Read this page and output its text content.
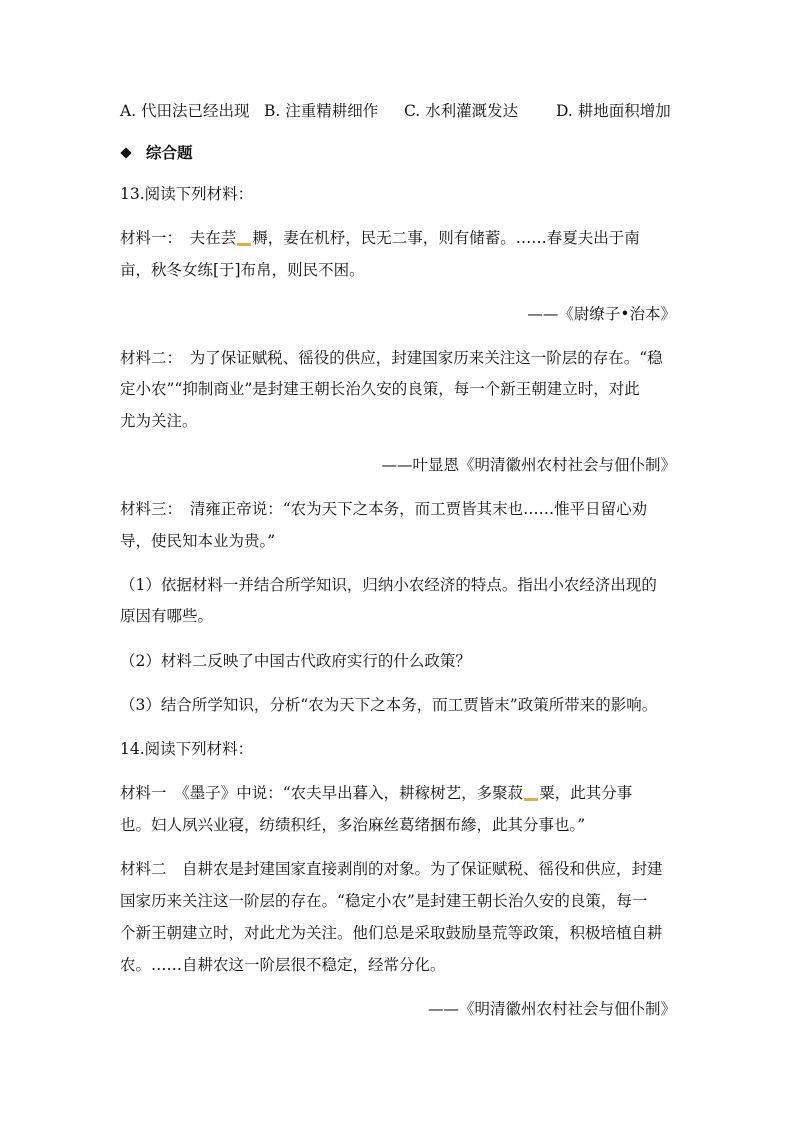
A. 代田法已经出现 B. 注重精耕细作	C. 水利灌溉发达	D. 耕地面积增加
综合题
13.阅读下列材料：
材料一：　夫在芸 耨，妻在机杼，民无二事，则有储蓄。……春夏夫出于南
亩，秋冬女练[于]布帛，则民不困。
——《尉缭子•治本》
材料二：　为了保证赋税、徭役的供应，封建国家历来关注这一阶层的存在。“稳
定小农”“抑制商业”是封建王朝长治久安的良策，每一个新王朝建立时，对此
尤为关注。
——叶显恩《明清徽州农村社会与佃仆制》
材料三：　清雍正帝说：“农为天下之本务，而工贾皆其末也……惟平日留心劝
导，使民知本业为贵。”
（1）依据材料一并结合所学知识，归纳小农经济的特点。指出小农经济出现的
原因有哪些。
（2）材料二反映了中国古代政府实行的什么政策？
（3）结合所学知识，分析“农为天下之本务，而工贾皆末”政策所带来的影响。
14.阅读下列材料：
材料一　《墨子》中说：“农夫早出暮入，耕稼树艺，多聚菽 粟，此其分事
也。妇人夙兴业寝，纺绩积纴，多治麻丝葛绪捆布縿，此其分事也。”
材料二　自耕农是封建国家直接剥削的对象。为了保证赋税、徭役和供应，封建
国家历来关注这一阶层的存在。“稳定小农”是封建王朝长治久安的良策，每一
个新王朝建立时，对此尤为关注。他们总是采取鼓励垦荒等政策，积极培植自耕
农。……自耕农这一阶层很不稳定，经常分化。
——《明清徽州农村社会与佃仆制》
